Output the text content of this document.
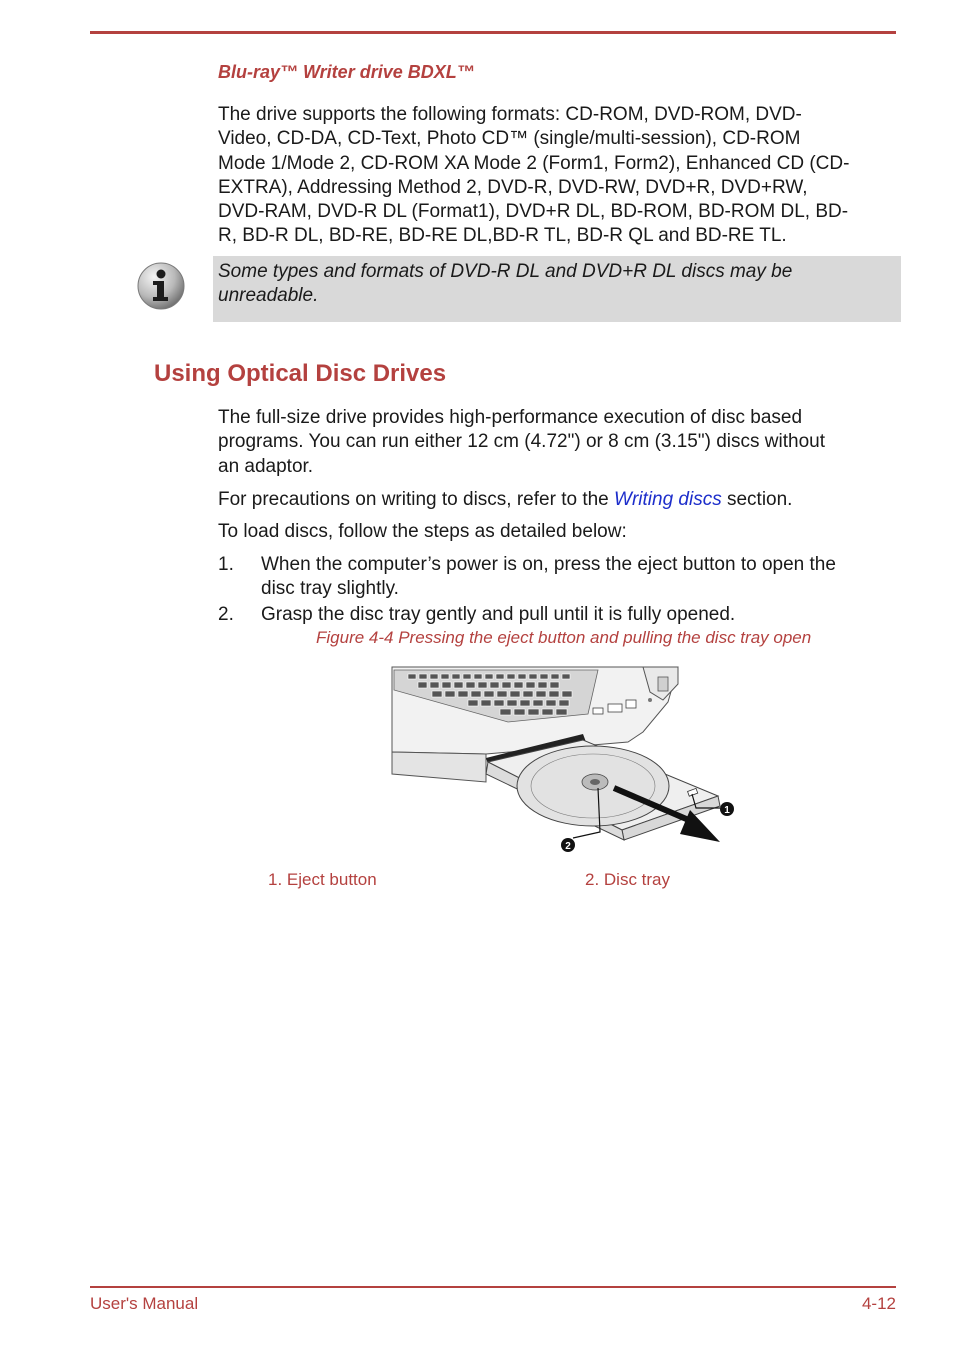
Blu-ray™ Writer drive BDXL™

The drive supports the following formats: CD-ROM, DVD-ROM, DVD-
Video, CD-DA, CD-Text, Photo CD™ (single/multi-session), CD-ROM
Mode 1/Mode 2, CD-ROM XA Mode 2 (Form1, Form2), Enhanced CD (CD-
EXTRA), Addressing Method 2, DVD-R, DVD-RW, DVD+R, DVD+RW,
DVD-RAM, DVD-R DL (Format1), DVD+R DL, BD-ROM, BD-ROM DL, BD-
R, BD-R DL, BD-RE, BD-RE DL,BD-R TL, BD-R QL and BD-RE TL.

Some types and formats of DVD-R DL and DVD+R DL discs may be
unreadable.

Using Optical Disc Drives

The full-size drive provides high-performance execution of disc based
programs. You can run either 12 cm (4.72") or 8 cm (3.15") discs without
an adaptor.

For precautions on writing to discs, refer to the Writing discs section.

To load discs, follow the steps as detailed below:

1. When the computer’s power is on, press the eject button to open the
disc tray slightly.

2. Grasp the disc tray gently and pull until it is fully opened.

Figure 4-4 Pressing the eject button and pulling the disc tray open

1
2
1. Eject button	2. Disc tray
User's Manual	4-12
